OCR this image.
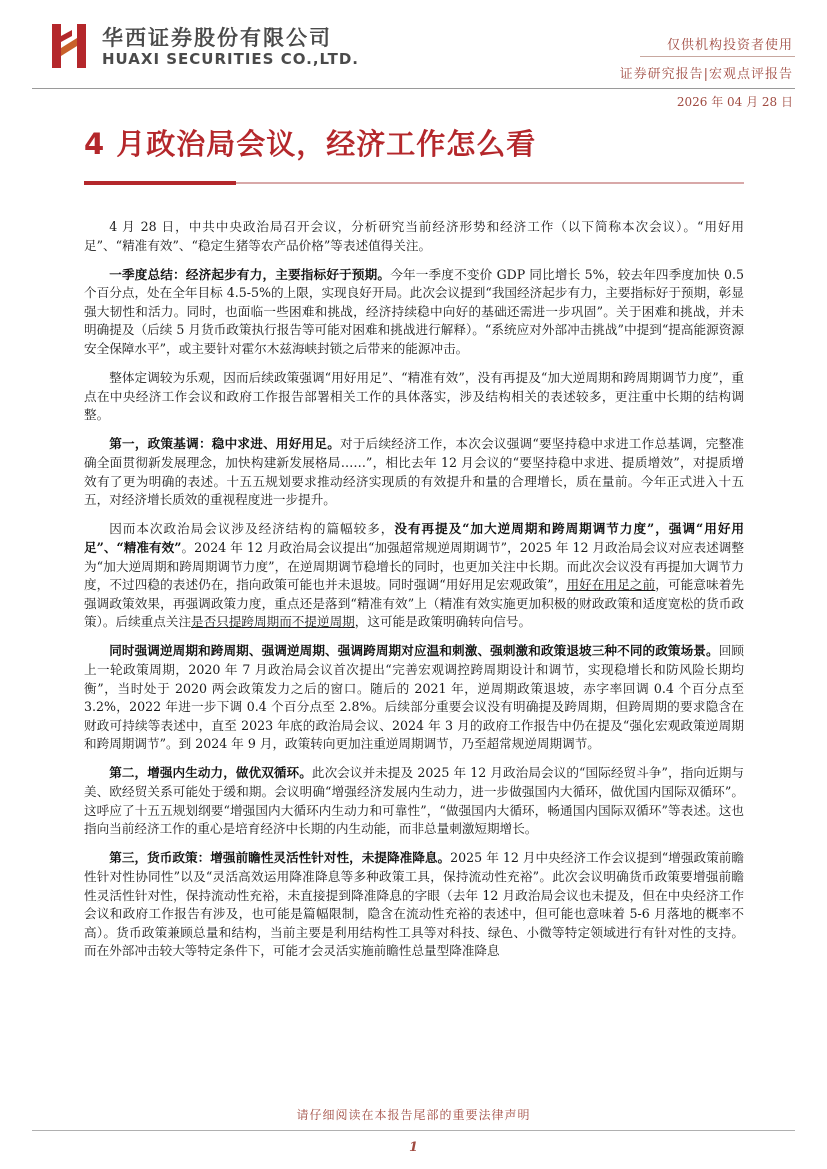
华西证券股份有限公司
HUAXI SECURITIES CO.,LTD.
仅供机构投资者使用
证券研究报告|宏观点评报告
2026 年 04 月 28 日
4 月政治局会议，经济工作怎么看

4 月 28 日，中共中央政治局召开会议，分析研究当前经济形势和经济工作（以下简称本次会议）。“用好用足”、“精准有效”、“稳定生猪等农产品价格”等表述值得关注。

一季度总结：经济起步有力，主要指标好于预期。今年一季度不变价 GDP 同比增长 5%，较去年四季度加快 0.5 个百分点，处在全年目标 4.5-5%的上限，实现良好开局。此次会议提到“我国经济起步有力，主要指标好于预期，彰显强大韧性和活力。同时，也面临一些困难和挑战，经济持续稳中向好的基础还需进一步巩固”。关于困难和挑战，并未明确提及（后续 5 月货币政策执行报告等可能对困难和挑战进行解释）。“系统应对外部冲击挑战”中提到“提高能源资源安全保障水平”，或主要针对霍尔木兹海峡封锁之后带来的能源冲击。

整体定调较为乐观，因而后续政策强调“用好用足”、“精准有效”，没有再提及“加大逆周期和跨周期调节力度”，重点在中央经济工作会议和政府工作报告部署相关工作的具体落实，涉及结构相关的表述较多，更注重中长期的结构调整。

第一，政策基调：稳中求进、用好用足。对于后续经济工作，本次会议强调“要坚持稳中求进工作总基调，完整准确全面贯彻新发展理念，加快构建新发展格局……”，相比去年 12 月会议的“要坚持稳中求进、提质增效”，对提质增效有了更为明确的表述。十五五规划要求推动经济实现质的有效提升和量的合理增长，质在量前。今年正式进入十五五，对经济增长质效的重视程度进一步提升。

因而本次政治局会议涉及经济结构的篇幅较多，没有再提及“加大逆周期和跨周期调节力度”，强调“用好用足”、“精准有效”。2024 年 12 月政治局会议提出“加强超常规逆周期调节”，2025 年 12 月政治局会议对应表述调整为“加大逆周期和跨周期调节力度”，在逆周期调节稳增长的同时，也更加关注中长期。而此次会议没有再提加大调节力度，不过四稳的表述仍在，指向政策可能也并未退坡。同时强调“用好用足宏观政策”，用好在用足之前，可能意味着先强调政策效果，再强调政策力度，重点还是落到“精准有效”上（精准有效实施更加积极的财政政策和适度宽松的货币政策）。后续重点关注是否只提跨周期而不提逆周期，这可能是政策明确转向信号。

同时强调逆周期和跨周期、强调逆周期、强调跨周期对应温和刺激、强刺激和政策退坡三种不同的政策场景。回顾上一轮政策周期，2020 年 7 月政治局会议首次提出“完善宏观调控跨周期设计和调节，实现稳增长和防风险长期均衡”，当时处于 2020 两会政策发力之后的窗口。随后的 2021 年，逆周期政策退坡，赤字率回调 0.4 个百分点至 3.2%，2022 年进一步下调 0.4 个百分点至 2.8%。后续部分重要会议没有明确提及跨周期，但跨周期的要求隐含在财政可持续等表述中，直至 2023 年底的政治局会议、2024 年 3 月的政府工作报告中仍在提及“强化宏观政策逆周期和跨周期调节”。到 2024 年 9 月，政策转向更加注重逆周期调节，乃至超常规逆周期调节。

第二，增强内生动力，做优双循环。此次会议并未提及 2025 年 12 月政治局会议的“国际经贸斗争”，指向近期与美、欧经贸关系可能处于缓和期。会议明确“增强经济发展内生动力，进一步做强国内大循环，做优国内国际双循环”。这呼应了十五五规划纲要“增强国内大循环内生动力和可靠性”，“做强国内大循环，畅通国内国际双循环”等表述。这也指向当前经济工作的重心是培育经济中长期的内生动能，而非总量刺激短期增长。

第三，货币政策：增强前瞻性灵活性针对性，未提降准降息。2025 年 12 月中央经济工作会议提到“增强政策前瞻性针对性协同性”以及“灵活高效运用降准降息等多种政策工具，保持流动性充裕”。此次会议明确货币政策要增强前瞻性灵活性针对性，保持流动性充裕，未直接提到降准降息的字眼（去年 12 月政治局会议也未提及，但在中央经济工作会议和政府工作报告有涉及，也可能是篇幅限制，隐含在流动性充裕的表述中，但可能也意味着 5-6 月落地的概率不高）。货币政策兼顾总量和结构，当前主要是利用结构性工具等对科技、绿色、小微等特定领域进行有针对性的支持。而在外部冲击较大等特定条件下，可能才会灵活实施前瞻性总量型降准降息

请仔细阅读在本报告尾部的重要法律声明
1
